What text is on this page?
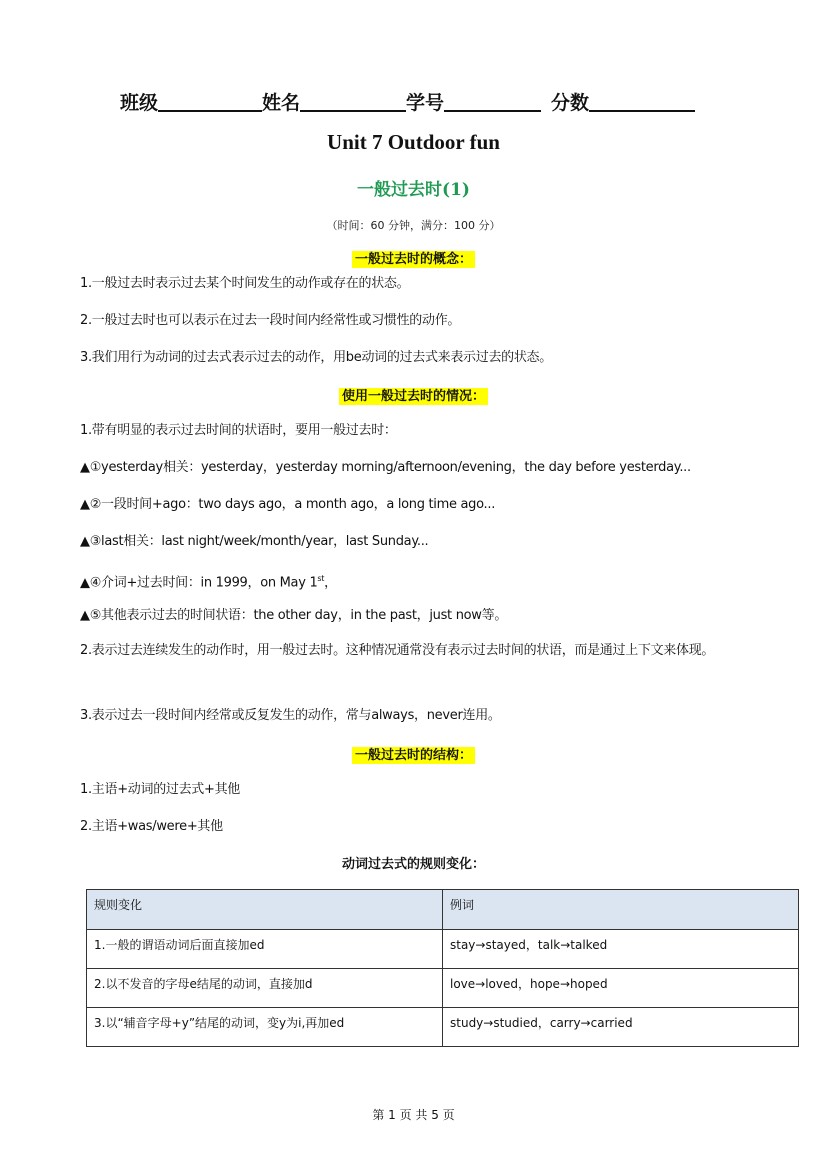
班级	姓名	学号	分数
Unit 7 Outdoor fun
一般过去时(1)
（时间：60 分钟，满分：100 分）
一般过去时的概念：
1.一般过去时表示过去某个时间发生的动作或存在的状态。
2.一般过去时也可以表示在过去一段时间内经常性或习惯性的动作。
3.我们用行为动词的过去式表示过去的动作，用be动词的过去式来表示过去的状态。
使用一般过去时的情况：
1.带有明显的表示过去时间的状语时，要用一般过去时：
▲①yesterday相关：yesterday，yesterday morning/afternoon/evening，the day before yesterday...
▲②一段时间+ago：two days ago，a month ago，a long time ago...
▲③last相关：last night/week/month/year，last Sunday...
▲④介词+过去时间：in 1999，on May 1st，
▲⑤其他表示过去的时间状语：the other day，in the past，just now等。
2.表示过去连续发生的动作时，用一般过去时。这种情况通常没有表示过去时间的状语，而是通过上下文来体现。
3.表示过去一段时间内经常或反复发生的动作，常与always，never连用。
一般过去时的结构：
1.主语+动词的过去式+其他
2.主语+was/were+其他
动词过去式的规则变化：
规则变化	例词
1.一般的谓语动词后面直接加ed	stay→stayed，talk→talked
2.以不发音的字母e结尾的动词，直接加d	love→loved，hope→hoped
3.以“辅音字母+y”结尾的动词，变y为i,再加ed	study→studied，carry→carried
第 1 页 共 5 页
